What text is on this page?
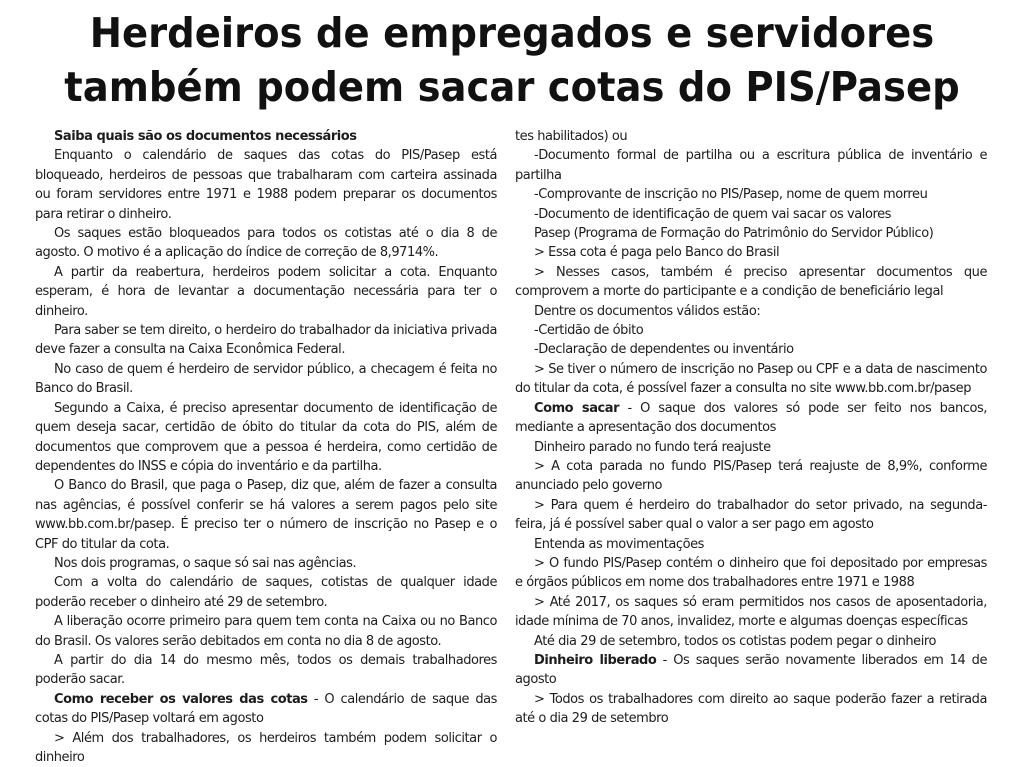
Herdeiros de empregados e servidores
também podem sacar cotas do PIS/Pasep

Saiba quais são os documentos necessários

Enquanto o calendário de saques das cotas do PIS/Pasep está bloqueado, herdeiros de pessoas que trabalharam com carteira assinada ou foram servidores entre 1971 e 1988 podem preparar os documentos para retirar o dinheiro.

Os saques estão bloqueados para todos os cotistas até o dia 8 de agosto. O motivo é a aplicação do índice de correção de 8,9714%.

A partir da reabertura, herdeiros podem solicitar a cota. Enquanto esperam, é hora de levantar a documentação necessária para ter o dinheiro.

Para saber se tem direito, o herdeiro do trabalhador da iniciativa privada deve fazer a consulta na Caixa Econômica Federal.

No caso de quem é herdeiro de servidor público, a checagem é feita no Banco do Brasil.

Segundo a Caixa, é preciso apresentar documento de identificação de quem deseja sacar, certidão de óbito do titular da cota do PIS, além de documentos que comprovem que a pessoa é herdeira, como certidão de dependentes do INSS e cópia do inventário e da partilha.

O Banco do Brasil, que paga o Pasep, diz que, além de fazer a consulta nas agências, é possível conferir se há valores a serem pagos pelo site www.bb.com.br/pasep. É preciso ter o número de inscrição no Pasep e o CPF do titular da cota.

Nos dois programas, o saque só sai nas agências.

Com a volta do calendário de saques, cotistas de qualquer idade poderão receber o dinheiro até 29 de setembro.

A liberação ocorre primeiro para quem tem conta na Caixa ou no Banco do Brasil. Os valores serão debitados em conta no dia 8 de agosto.

A partir do dia 14 do mesmo mês, todos os demais trabalhadores poderão sacar.

Como receber os valores das cotas - O calendário de saque das cotas do PIS/Pasep voltará em agosto

> Além dos trabalhadores, os herdeiros também podem solicitar o dinheiro

tes habilitados) ou

-Documento formal de partilha ou a escritura pública de inventário e partilha

-Comprovante de inscrição no PIS/Pasep, nome de quem morreu

-Documento de identificação de quem vai sacar os valores

Pasep (Programa de Formação do Patrimônio do Servidor Público)

> Essa cota é paga pelo Banco do Brasil

> Nesses casos, também é preciso apresentar documentos que comprovem a morte do participante e a condição de beneficiário legal

Dentre os documentos válidos estão:

-Certidão de óbito

-Declaração de dependentes ou inventário

> Se tiver o número de inscrição no Pasep ou CPF e a data de nascimento do titular da cota, é possível fazer a consulta no site www.bb.com.br/pasep

Como sacar - O saque dos valores só pode ser feito nos bancos, mediante a apresentação dos documentos

Dinheiro parado no fundo terá reajuste

> A cota parada no fundo PIS/Pasep terá reajuste de 8,9%, conforme anunciado pelo governo

> Para quem é herdeiro do trabalhador do setor privado, na segunda-feira, já é possível saber qual o valor a ser pago em agosto

Entenda as movimentações

> O fundo PIS/Pasep contém o dinheiro que foi depositado por empresas e órgãos públicos em nome dos trabalhadores entre 1971 e 1988

> Até 2017, os saques só eram permitidos nos casos de aposentadoria, idade mínima de 70 anos, invalidez, morte e algumas doenças específicas

Até dia 29 de setembro, todos os cotistas podem pegar o dinheiro

Dinheiro liberado - Os saques serão novamente liberados em 14 de agosto

> Todos os trabalhadores com direito ao saque poderão fazer a retirada até o dia 29 de setembro
